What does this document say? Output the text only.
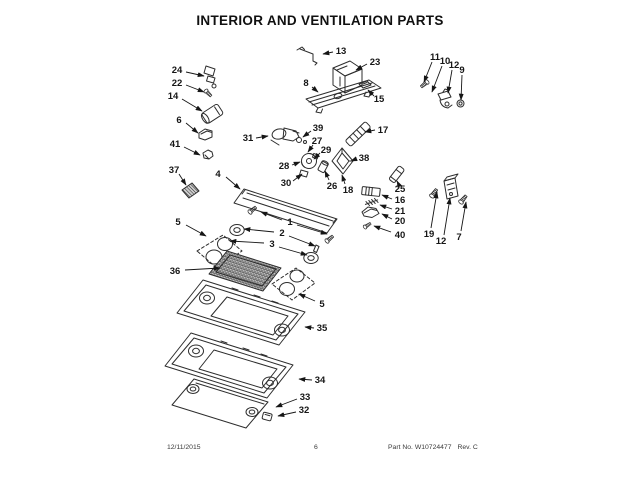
INTERIOR AND VENTILATION PARTS
24
22
14
6
41
37
13
23
8
15
17
11 10
12 9
31
39
27
29
28
38
30	26 18
4
25
16
21
20
40
1
2
3
19
12 7
5
36
5
35
34
33
32
12/11/2015	6	Part No. W10724477 Rev. C
